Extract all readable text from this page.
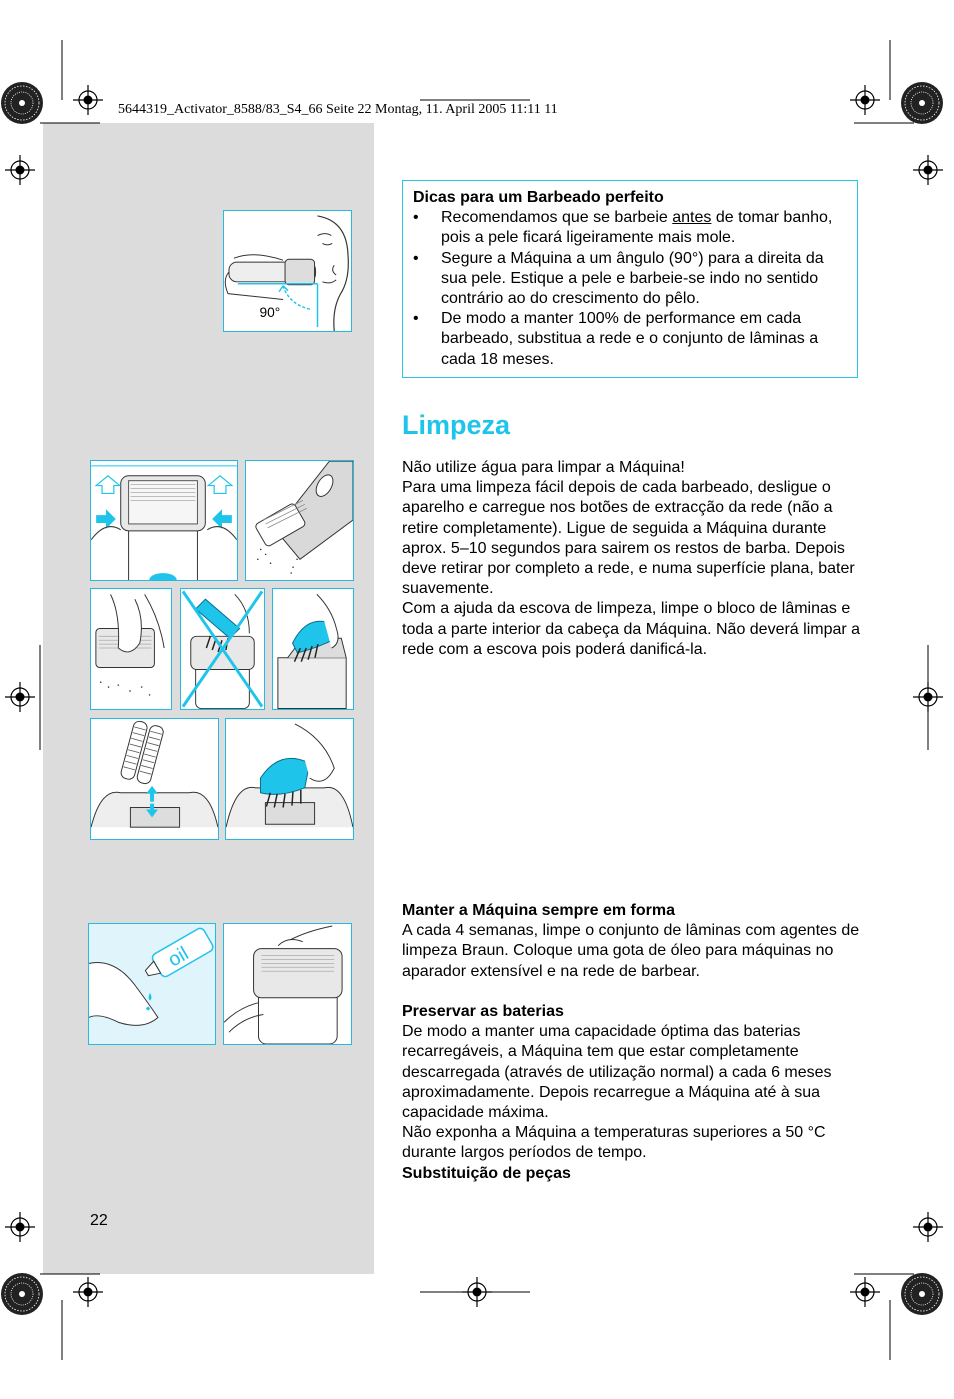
5644319_Activator_8588/83_S4_66 Seite 22 Montag, 11. April 2005 11:11 11
Dicas para um Barbeado perfeito
•	Recomendamos que se barbeie antes de tomar banho, pois a pele ficará ligeiramente mais mole.
•	Segure a Máquina a um ângulo (90°) para a direita da sua pele. Estique a pele e barbeie-se indo no sentido contrário ao do crescimento do pêlo.
•	De modo a manter 100% de performance em cada barbeado, substitua a rede e o conjunto de lâminas a cada 18 meses.
Limpeza

Não utilize água para limpar a Máquina!

Para uma limpeza fácil depois de cada barbeado, desligue o aparelho e carregue nos botões de extracção da rede (não a retire completamente). Ligue de seguida a Máquina durante aprox. 5–10 segundos para sairem os restos de barba. Depois deve retirar por completo a rede, e numa superfície plana, bater suavemente.

Com a ajuda da escova de limpeza, limpe o bloco de lâminas e toda a parte interior da cabeça da Máquina. Não deverá limpar a rede com a escova pois poderá danificá-la.

Manter a Máquina sempre em forma

A cada 4 semanas, limpe o conjunto de lâminas com agentes de limpeza Braun. Coloque uma gota de óleo para máquinas no aparador extensível e na rede de barbear.

Preservar as baterias

De modo a manter uma capacidade óptima das baterias recarregáveis, a Máquina tem que estar completamente descarregada (através de utilização normal) a cada 6 meses aproximadamente. Depois recarregue a Máquina até à sua capacidade máxima.

Não exponha a Máquina a temperaturas superiores a 50 °C durante largos períodos de tempo.

Substituição de peças

22
90°
oil
